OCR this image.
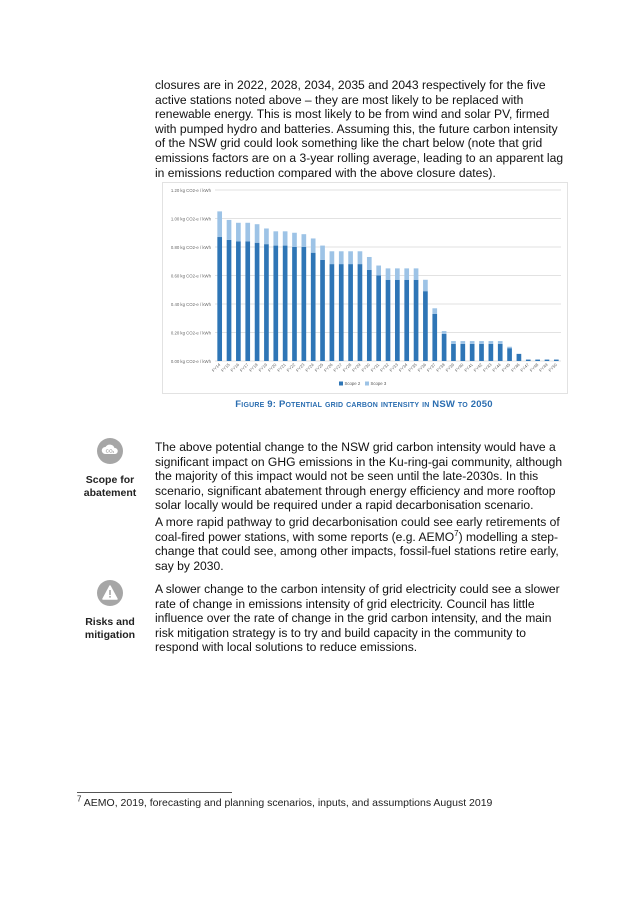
closures are in 2022, 2028, 2034, 2035 and 2043 respectively for the five active stations noted above – they are most likely to be replaced with renewable energy. This is most likely to be from wind and solar PV, firmed with pumped hydro and batteries. Assuming this, the future carbon intensity of the NSW grid could look something like the chart below (note that grid emissions factors are on a 3-year rolling average, leading to an apparent lag in emissions reduction compared with the above closure dates).

0.00 kg CO2-e / kWh
0.20 kg CO2-e / kWh
0.40 kg CO2-e / kWh
0.60 kg CO2-e / kWh
0.80 kg CO2-e / kWh
1.00 kg CO2-e / kWh
1.20 kg CO2-e / kWh
FY14
FY15
FY16
FY17
FY18
FY19
FY20
FY21
FY22
FY23
FY24
FY25
FY26
FY27
FY28
FY29
FY30
FY31
FY32
FY33
FY34
FY35
FY36
FY37
FY38
FY39
FY40
FY41
FY42
FY43
FY44
FY45
FY46
FY47
FY48
FY49
FY50
Scope 2 Scope 3
Figure 9: Potential grid carbon intensity in NSW to 2050
CO₂
Scope for
abatement

The above potential change to the NSW grid carbon intensity would have a significant impact on GHG emissions in the Ku-ring-gai community, although the majority of this impact would not be seen until the late-2030s. In this scenario, significant abatement through energy efficiency and more rooftop solar locally would be required under a rapid decarbonisation scenario.

A more rapid pathway to grid decarbonisation could see early retirements of coal-fired power stations, with some reports (e.g. AEMO$^7$) modelling a step-change that could see, among other impacts, fossil-fuel stations retire early, say by 2030.

Risks and
mitigation

A slower change to the carbon intensity of grid electricity could see a slower rate of change in emissions intensity of grid electricity. Council has little influence over the rate of change in the grid carbon intensity, and the main risk mitigation strategy is to try and build capacity in the community to respond with local solutions to reduce emissions.

$^7$ AEMO, 2019, forecasting and planning scenarios, inputs, and assumptions August 2019
